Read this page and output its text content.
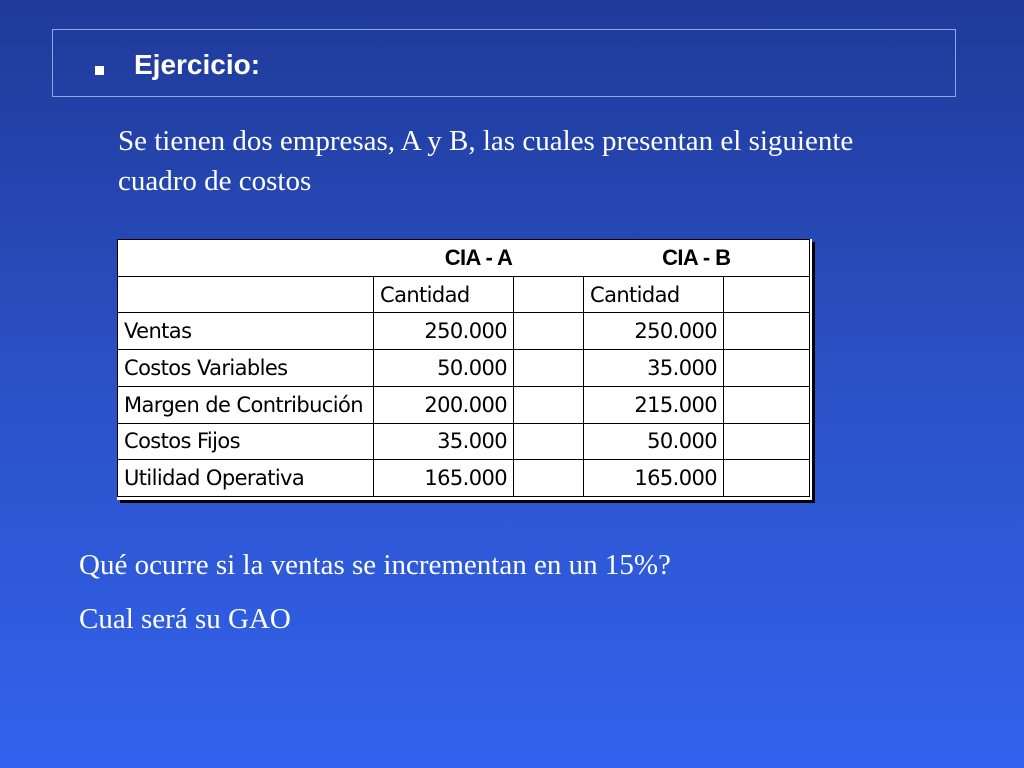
Ejercicio:
Se tienen dos empresas, A y B, las cuales presentan el siguiente cuadro de costos
	CIA - A		CIA - B	
	Cantidad		Cantidad	
Ventas	250.000		250.000	
Costos Variables	50.000		35.000	
Margen de Contribución	200.000		215.000	
Costos Fijos	35.000		50.000	
Utilidad Operativa	165.000		165.000	
Qué ocurre si la ventas se incrementan en un 15%?
Cual será su GAO
